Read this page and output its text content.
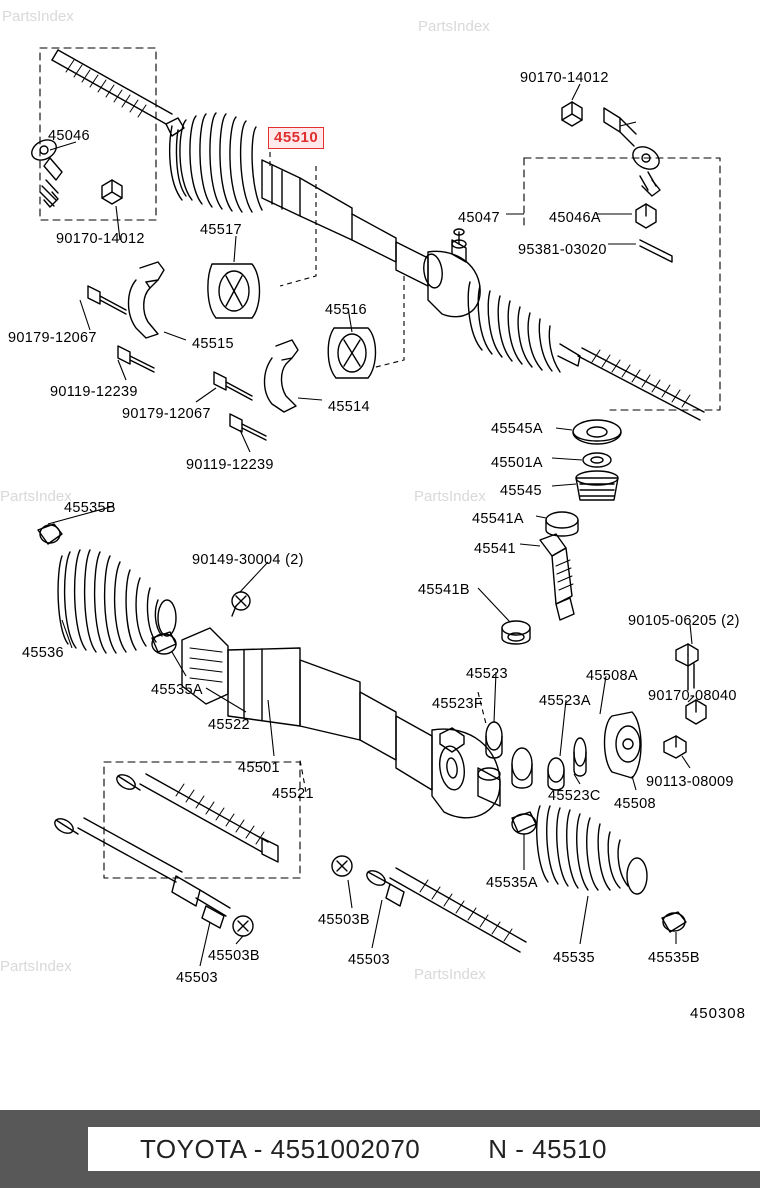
PartsIndex
PartsIndex
PartsIndex	PartsIndex
PartsIndex	PartsIndex
45510
90170-14012
45046
90170-14012
45517
45047	45046A
95381-03020
90179-12067	45515
45516
90119-12239
90179-12067	45514
90119-12239
45545A
45501A
45545
45541A
45541
45541B
45535B
90149-30004 (2)
45536
45535A
45522
45501
45521
45523
45523F	45523A
45508A
90105-06205 (2)
90170-08040
90113-08009
45508
45523C
45535A
45535	45535B
45503B
45503
45503B
45503
450308
TOYOTA - 4551002070	N - 45510
